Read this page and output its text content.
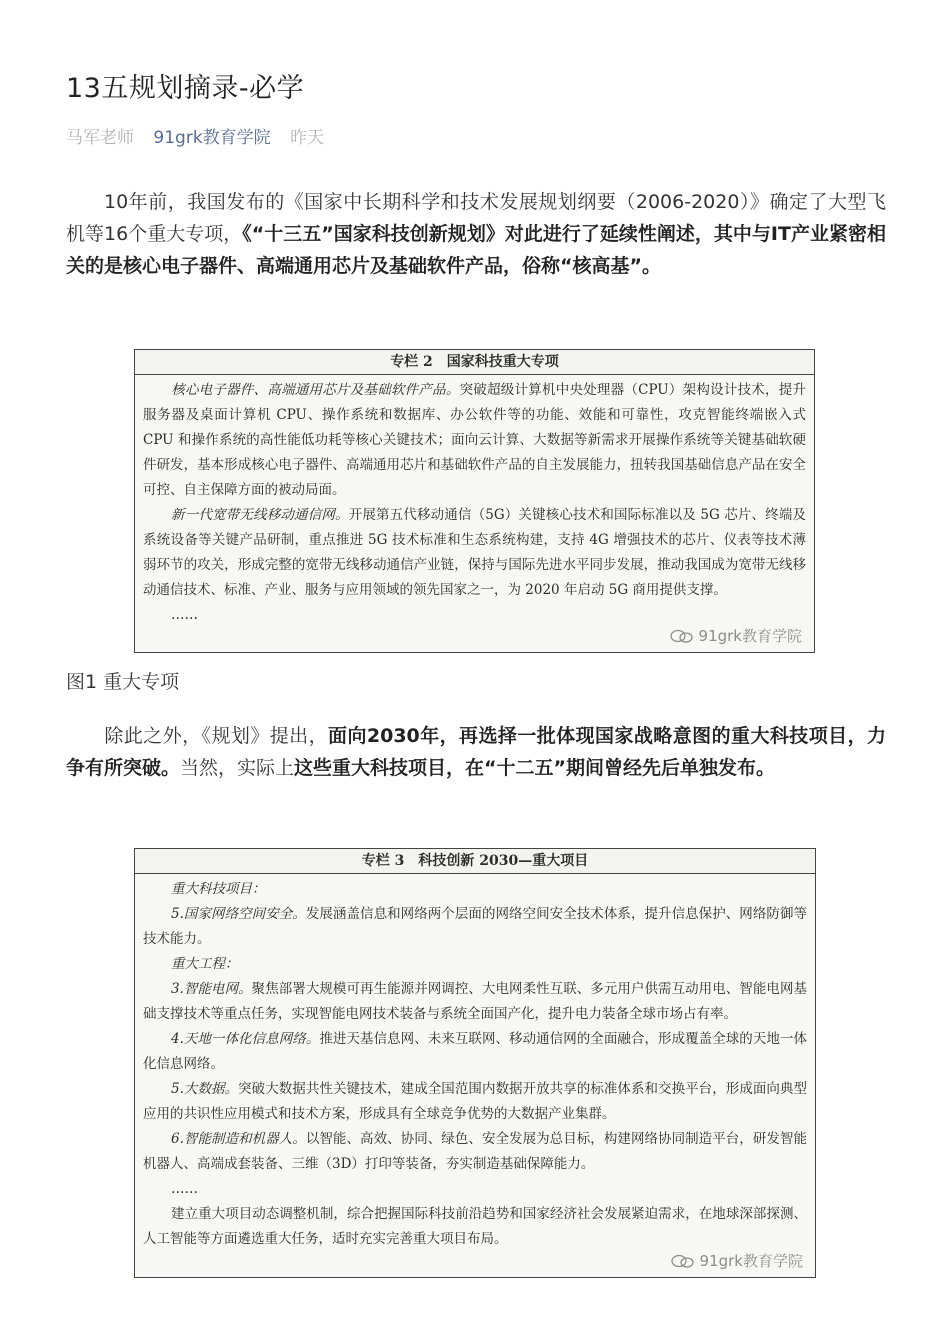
13五规划摘录-必学
马军老师 91grk教育学院 昨天

10年前，我国发布的《国家中长期科学和技术发展规划纲要（2006-2020）》确定了大型飞机等16个重大专项，《“十三五”国家科技创新规划》对此进行了延续性阐述，其中与IT产业紧密相关的是核心电子器件、高端通用芯片及基础软件产品，俗称“核高基”。

专栏 2　国家科技重大专项

核心电子器件、高端通用芯片及基础软件产品。突破超级计算机中央处理器（CPU）架构设计技术，提升服务器及桌面计算机 CPU、操作系统和数据库、办公软件等的功能、效能和可靠性，攻克智能终端嵌入式 CPU 和操作系统的高性能低功耗等核心关键技术；面向云计算、大数据等新需求开展操作系统等关键基础软硬件研发，基本形成核心电子器件、高端通用芯片和基础软件产品的自主发展能力，扭转我国基础信息产品在安全可控、自主保障方面的被动局面。

新一代宽带无线移动通信网。开展第五代移动通信（5G）关键核心技术和国际标准以及 5G 芯片、终端及系统设备等关键产品研制，重点推进 5G 技术标准和生态系统构建，支持 4G 增强技术的芯片、仪表等技术薄弱环节的攻关，形成完整的宽带无线移动通信产业链，保持与国际先进水平同步发展，推动我国成为宽带无线移动通信技术、标准、产业、服务与应用领域的领先国家之一，为 2020 年启动 5G 商用提供支撑。

……

91grk教育学院

图1 重大专项

除此之外，《规划》提出，面向2030年，再选择一批体现国家战略意图的重大科技项目，力争有所突破。当然，实际上这些重大科技项目，在“十二五”期间曾经先后单独发布。

专栏 3　科技创新 2030—重大项目

重大科技项目：

5.国家网络空间安全。发展涵盖信息和网络两个层面的网络空间安全技术体系，提升信息保护、网络防御等技术能力。

重大工程：

3.智能电网。聚焦部署大规模可再生能源并网调控、大电网柔性互联、多元用户供需互动用电、智能电网基础支撑技术等重点任务，实现智能电网技术装备与系统全面国产化，提升电力装备全球市场占有率。

4.天地一体化信息网络。推进天基信息网、未来互联网、移动通信网的全面融合，形成覆盖全球的天地一体化信息网络。

5.大数据。突破大数据共性关键技术，建成全国范围内数据开放共享的标准体系和交换平台，形成面向典型应用的共识性应用模式和技术方案，形成具有全球竞争优势的大数据产业集群。

6.智能制造和机器人。以智能、高效、协同、绿色、安全发展为总目标，构建网络协同制造平台，研发智能机器人、高端成套装备、三维（3D）打印等装备，夯实制造基础保障能力。

……

建立重大项目动态调整机制，综合把握国际科技前沿趋势和国家经济社会发展紧迫需求，在地球深部探测、人工智能等方面遴选重大任务，适时充实完善重大项目布局。

91grk教育学院
